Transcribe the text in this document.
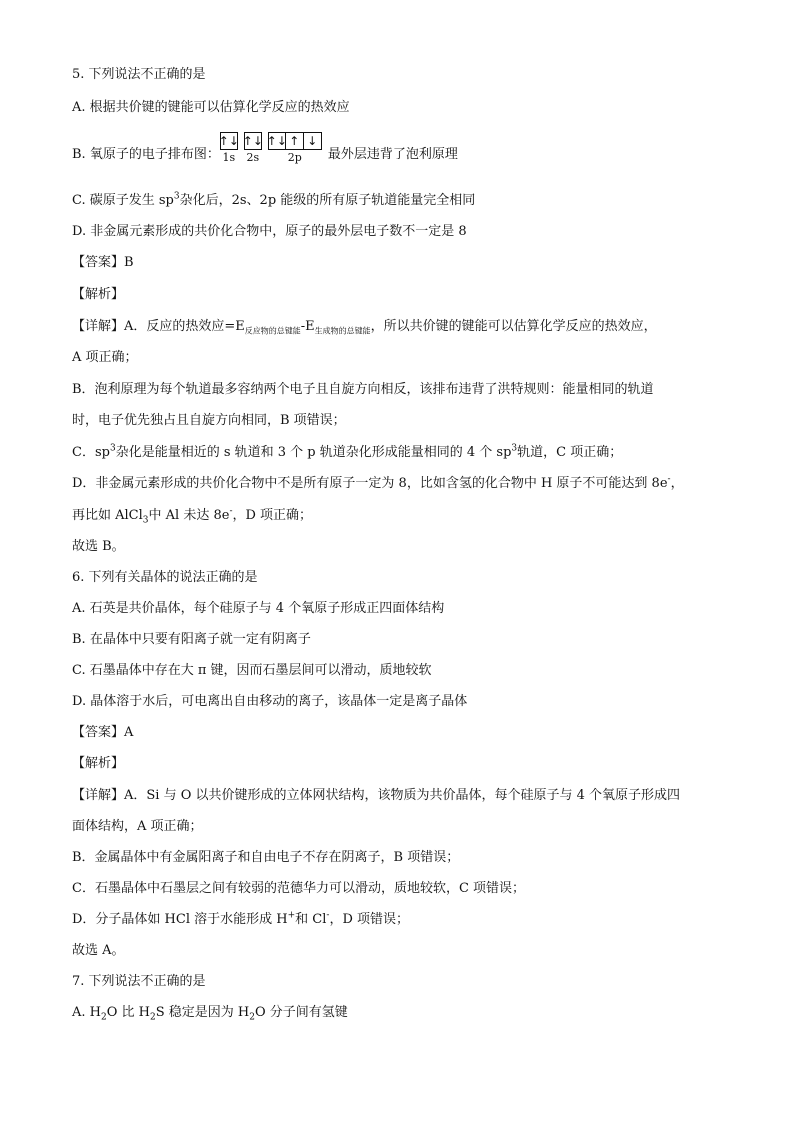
5. 下列说法不正确的是
A. 根据共价键的键能可以估算化学反应的热效应
B. 氧原子的电子排布图：
↑↓
1s
↑↓
2s
↑↓ ↑ ↓
2p 最外层违背了泡利原理
C. 碳原子发生 $sp^3$杂化后，2s、2p 能级的所有原子轨道能量完全相同
D. 非金属元素形成的共价化合物中，原子的最外层电子数不一定是 8
【答案】B
【解析】
【详解】A．反应的热效应$=E_{反应物的总键能}-E_{生成物的总键能}$，所以共价键的键能可以估算化学反应的热效应，
A 项正确；
B．泡利原理为每个轨道最多容纳两个电子且自旋方向相反，该排布违背了洪特规则：能量相同的轨道
时，电子优先独占且自旋方向相同，B 项错误；
C．$sp^3$杂化是能量相近的 s 轨道和 3 个 p 轨道杂化形成能量相同的 4 个 $sp^3$轨道，C 项正确；
D．非金属元素形成的共价化合物中不是所有原子一定为 8，比如含氢的化合物中 H 原子不可能达到 8e-，
再比如 AlCl$_3$中 Al 未达 8e-，D 项正确；
故选 B。
6. 下列有关晶体的说法正确的是
A. 石英是共价晶体，每个硅原子与 4 个氧原子形成正四面体结构
B. 在晶体中只要有阳离子就一定有阴离子
C. 石墨晶体中存在大 π 键，因而石墨层间可以滑动，质地较软
D. 晶体溶于水后，可电离出自由移动的离子，该晶体一定是离子晶体
【答案】A
【解析】
【详解】A．Si 与 O 以共价键形成的立体网状结构，该物质为共价晶体，每个硅原子与 4 个氧原子形成四
面体结构，A 项正确；
B．金属晶体中有金属阳离子和自由电子不存在阴离子，B 项错误；
C．石墨晶体中石墨层之间有较弱的范德华力可以滑动，质地较软，C 项错误；
D．分子晶体如 HCl 溶于水能形成 H+和 Cl-，D 项错误；
故选 A。
7. 下列说法不正确的是
A. $H_2O$ 比 $H_2S$ 稳定是因为 $H_2O$ 分子间有氢键
